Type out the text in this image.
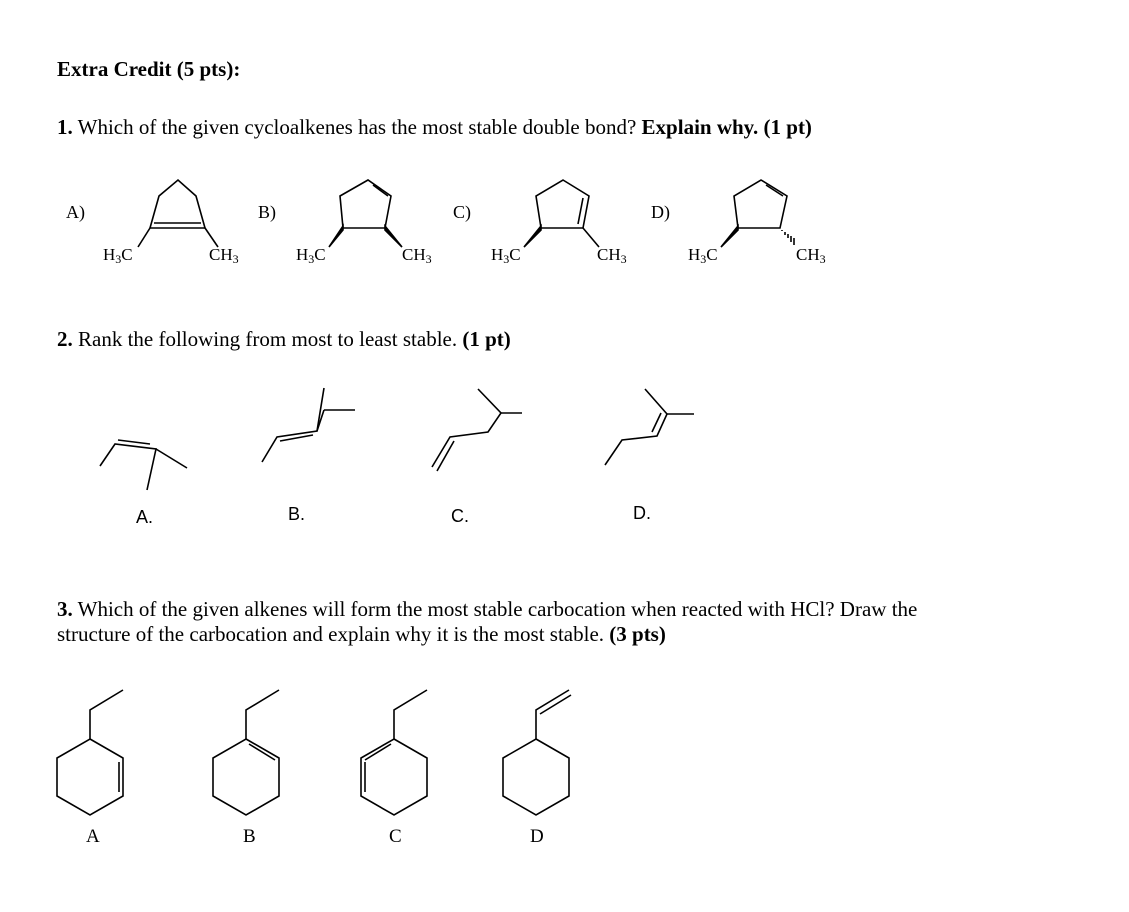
Extra Credit (5 pts):
1. Which of the given cycloalkenes has the most stable double bond? Explain why. (1 pt)
A)	B)	C)	D)
H3C	CH3	H3C	CH3	H3C	CH3	H3C	CH3
2. Rank the following from most to least stable. (1 pt)
A.	B.	C.	D.
3. Which of the given alkenes will form the most stable carbocation when reacted with HCl? Draw the
structure of the carbocation and explain why it is the most stable. (3 pts)
A	B	C	D
